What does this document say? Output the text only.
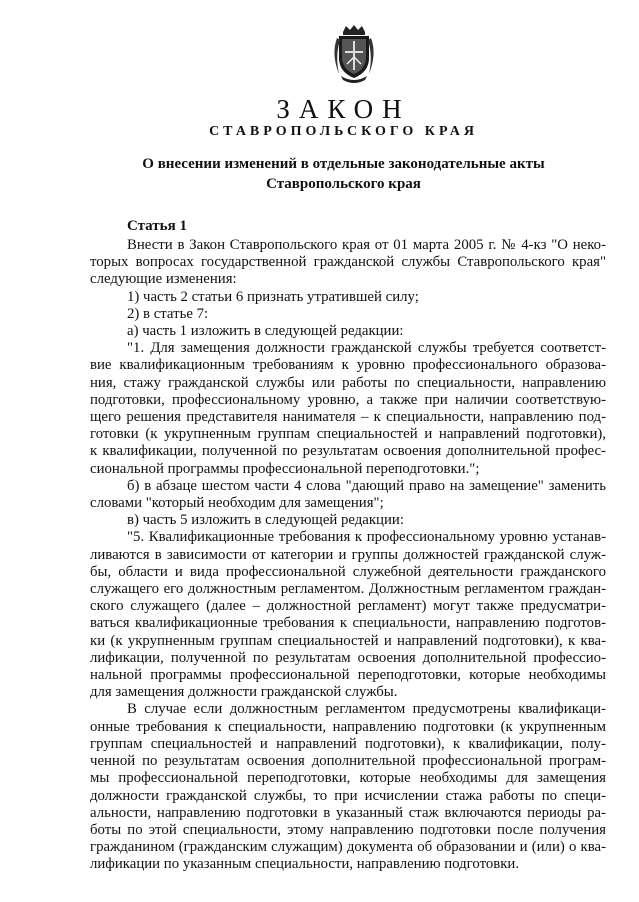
ЗАКОН
СТАВРОПОЛЬСКОГО КРАЯ
О внесении изменений в отдельные законодательные акты
Ставропольского края
Статья 1
Внести в Закон Ставропольского края от 01 марта 2005 г. № 4-кз "О неко-
торых вопросах государственной гражданской службы Ставропольского края"
следующие изменения:
1) часть 2 статьи 6 признать утратившей силу;
2) в статье 7:
а) часть 1 изложить в следующей редакции:
"1. Для замещения должности гражданской службы требуется соответст-
вие квалификационным требованиям к уровню профессионального образова-
ния, стажу гражданской службы или работы по специальности, направлению
подготовки, профессиональному уровню, а также при наличии соответствую-
щего решения представителя нанимателя – к специальности, направлению под-
готовки (к укрупненным группам специальностей и направлений подготовки),
к квалификации, полученной по результатам освоения дополнительной профес-
сиональной программы профессиональной переподготовки.";
б) в абзаце шестом части 4 слова "дающий право на замещение" заменить
словами "который необходим для замещения";
в) часть 5 изложить в следующей редакции:
"5. Квалификационные требования к профессиональному уровню устанав-
ливаются в зависимости от категории и группы должностей гражданской служ-
бы, области и вида профессиональной служебной деятельности гражданского
служащего его должностным регламентом. Должностным регламентом граждан-
ского служащего (далее – должностной регламент) могут также предусматри-
ваться квалификационные требования к специальности, направлению подготов-
ки (к укрупненным группам специальностей и направлений подготовки), к ква-
лификации, полученной по результатам освоения дополнительной профессио-
нальной программы профессиональной переподготовки, которые необходимы
для замещения должности гражданской службы.
В случае если должностным регламентом предусмотрены квалификаци-
онные требования к специальности, направлению подготовки (к укрупненным
группам специальностей и направлений подготовки), к квалификации, полу-
ченной по результатам освоения дополнительной профессиональной програм-
мы профессиональной переподготовки, которые необходимы для замещения
должности гражданской службы, то при исчислении стажа работы по специ-
альности, направлению подготовки в указанный стаж включаются периоды ра-
боты по этой специальности, этому направлению подготовки после получения
гражданином (гражданским служащим) документа об образовании и (или) о ква-
лификации по указанным специальности, направлению подготовки.
